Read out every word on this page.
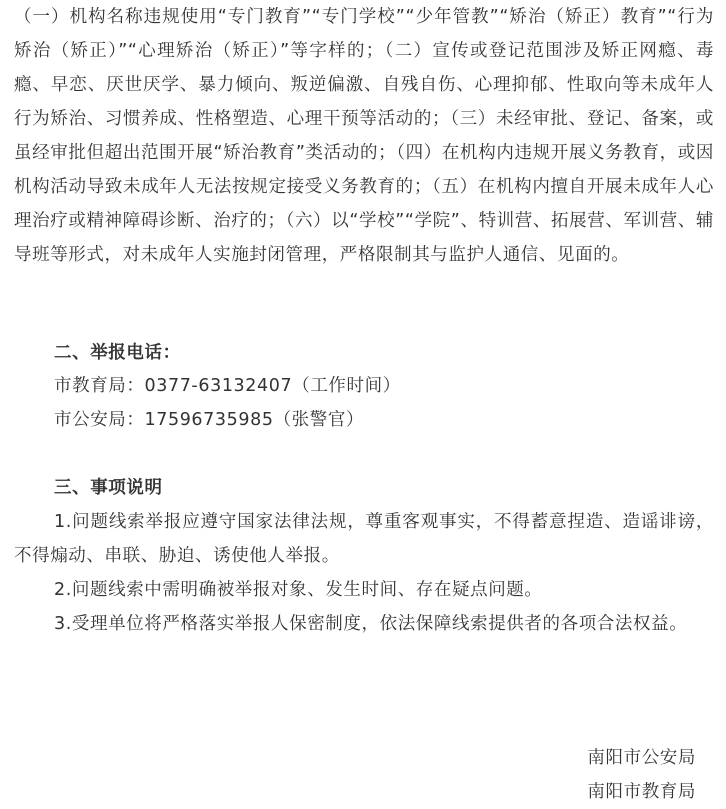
（一）机构名称违规使用“专门教育”“专门学校”“少年管教”“矫治（矫正）教育”“行为矫治（矫正）”“心理矫治（矫正）”等字样的；（二）宣传或登记范围涉及矫正网瘾、毒瘾、早恋、厌世厌学、暴力倾向、叛逆偏激、自残自伤、心理抑郁、性取向等未成年人行为矫治、习惯养成、性格塑造、心理干预等活动的；（三）未经审批、登记、备案，或虽经审批但超出范围开展“矫治教育”类活动的；（四）在机构内违规开展义务教育，或因机构活动导致未成年人无法按规定接受义务教育的；（五）在机构内擅自开展未成年人心理治疗或精神障碍诊断、治疗的；（六）以“学校”“学院”、特训营、拓展营、军训营、辅导班等形式，对未成年人实施封闭管理，严格限制其与监护人通信、见面的。

二、举报电话：

市教育局：0377-63132407（工作时间）

市公安局：17596735985（张警官）

三、事项说明

1.问题线索举报应遵守国家法律法规，尊重客观事实，不得蓄意捏造、造谣诽谤，不得煽动、串联、胁迫、诱使他人举报。

2.问题线索中需明确被举报对象、发生时间、存在疑点问题。

3.受理单位将严格落实举报人保密制度，依法保障线索提供者的各项合法权益。

南阳市公安局

南阳市教育局
